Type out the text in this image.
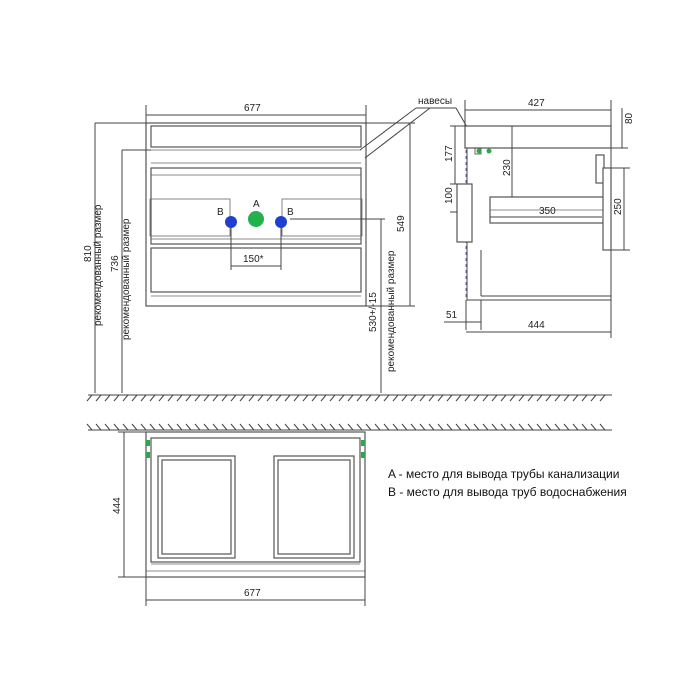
B
A
B
150*
677
810 рекомендованный размер 736 рекомендованный размер	549
530+/-15 рекомендованный размер
навесы	427
80
177
230
100
350	250
51
444
444
677
A - место для вывода трубы канализации
B - место для вывода труб водоснабжения
